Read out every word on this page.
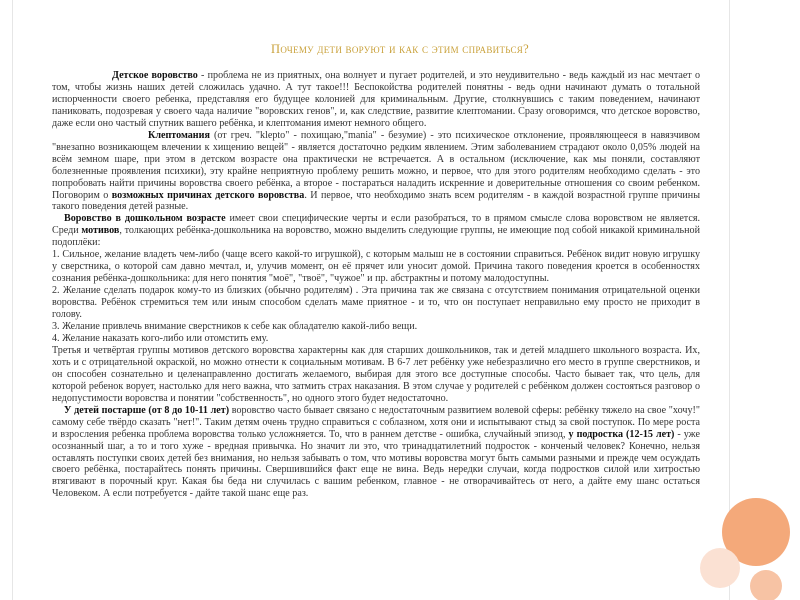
Почему дети воруют и как с этим справиться?

Детское воровство - проблема не из приятных, она волнует и пугает родителей, и это неудивительно - ведь каждый из нас мечтает о том, чтобы жизнь наших детей сложилась удачно. А тут такое!!! Беспокойства родителей понятны - ведь одни начинают думать о тотальной испорченности своего ребенка, представляя его будущее колонией для криминальным. Другие, столкнувшись с таким поведением, начинают паниковать, подозревая у своего чада наличие "воровских генов", и, как следствие, развитие клептомании. Сразу оговоримся, что детское воровство, даже если оно частый спутник вашего ребёнка, и клептомания имеют немного общего.

Клептомания (от греч. "klepto" - похищаю,"mania" - безумие) - это психическое отклонение, проявляющееся в навязчивом "внезапно возникающем влечении к хищению вещей" - является достаточно редким явлением. Этим заболеванием страдают около 0,05% людей на всём земном шаре, при этом в детском возрасте она практически не встречается. А в остальном (исключение, как мы поняли, составляют болезненные проявления психики), эту крайне неприятную проблему решить можно, и первое, что для этого родителям необходимо сделать - это попробовать найти причины воровства своего ребёнка, а второе - постараться наладить искренние и доверительные отношения со своим ребенком. Поговорим о возможных причинах детского воровства. И первое, что необходимо знать всем родителям - в каждой возрастной группе причины такого поведения детей разные.

Воровство в дошкольном возрасте имеет свои специфические черты и если разобраться, то в прямом смысле слова воровством не является. Среди мотивов, толкающих ребёнка-дошкольника на воровство, можно выделить следующие группы, не имеющие под собой никакой криминальной подоплёки:

1. Сильное, желание владеть чем-либо (чаще всего какой-то игрушкой), с которым малыш не в состоянии справиться. Ребёнок видит новую игрушку у сверстника, о которой сам давно мечтал, и, улучив момент, он её прячет или уносит домой. Причина такого поведения кроется в особенностях сознания ребёнка-дошкольника: для него понятия "моё", "твоё", "чужое" и пр. абстрактны и потому малодоступны.

2. Желание сделать подарок кому-то из близких (обычно родителям) . Эта причина так же связана с отсутствием понимания отрицательной оценки воровства. Ребёнок стремиться тем или иным способом сделать маме приятное - и то, что он поступает неправильно ему просто не приходит в голову.

3. Желание привлечь внимание сверстников к себе как обладателю какой-либо вещи.

4. Желание наказать кого-либо или отомстить ему.

Третья и четвёртая группы мотивов детского воровства характерны как для старших дошкольников, так и детей младшего школьного возраста. Их, хоть и с отрицательной окраской, но можно отнести к социальным мотивам. В 6-7 лет ребёнку уже небезразлично его место в группе сверстников, и он способен сознательно и целенаправленно достигать желаемого, выбирая для этого все доступные способы. Часто бывает так, что цель, для которой ребенок ворует, настолько для него важна, что затмить страх наказания. В этом случае у родителей с ребёнком должен состояться разговор о недопустимости воровства и понятии "собственность", но одного этого будет недостаточно.

У детей постарше (от 8 до 10-11 лет) воровство часто бывает связано с недостаточным развитием волевой сферы: ребёнку тяжело на свое "хочу!" самому себе твёрдо сказать "нет!". Таким детям очень трудно справиться с соблазном, хотя они и испытывают стыд за свой поступок. По мере роста и взросления ребенка проблема воровства только усложняется. То, что в раннем детстве - ошибка, случайный эпизод, у подростка (12-15 лет) - уже осознанный шаг, а то и того хуже - вредная привычка. Но значит ли это, что тринадцатилетний подросток - конченый человек? Конечно, нельзя оставлять поступки своих детей без внимания, но нельзя забывать о том, что мотивы воровства могут быть самыми разными и прежде чем осуждать своего ребёнка, постарайтесь понять причины. Свершившийся факт еще не вина. Ведь нередки случаи, когда подростков силой или хитростью втягивают в порочный круг. Какая бы беда ни случилась с вашим ребенком, главное - не отворачивайтесь от него, а дайте ему шанс остаться Человеком. А если потребуется - дайте такой шанс еще раз.
